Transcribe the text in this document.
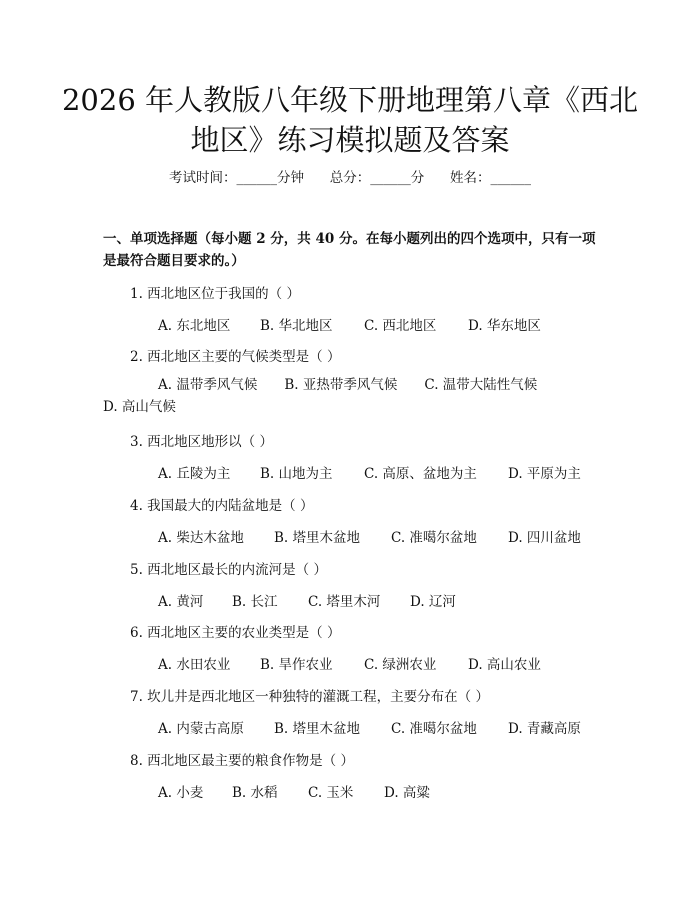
2026 年人教版八年级下册地理第八章《西北地区》练习模拟题及答案
考试时间：______分钟      总分：______分      姓名：______

一、单项选择题（每小题 2 分，共 40 分。在每小题列出的四个选项中，只有一项是最符合题目要求的。）

1. 西北地区位于我国的（ ）
A. 东北地区 B. 华北地区 C. 西北地区 D. 华东地区
2. 西北地区主要的气候类型是（ ）
A. 温带季风气候   B. 亚热带季风气候   C. 温带大陆性气候   D. 高山气候
3. 西北地区地形以（ ）
A. 丘陵为主 B. 山地为主 C. 高原、盆地为主 D. 平原为主
4. 我国最大的内陆盆地是（ ）
A. 柴达木盆地 B. 塔里木盆地 C. 准噶尔盆地 D. 四川盆地
5. 西北地区最长的内流河是（ ）
A. 黄河 B. 长江 C. 塔里木河 D. 辽河
6. 西北地区主要的农业类型是（ ）
A. 水田农业 B. 旱作农业 C. 绿洲农业 D. 高山农业
7. 坎儿井是西北地区一种独特的灌溉工程，主要分布在（ ）
A. 内蒙古高原 B. 塔里木盆地 C. 准噶尔盆地 D. 青藏高原
8. 西北地区最主要的粮食作物是（ ）
A. 小麦 B. 水稻 C. 玉米 D. 高粱
